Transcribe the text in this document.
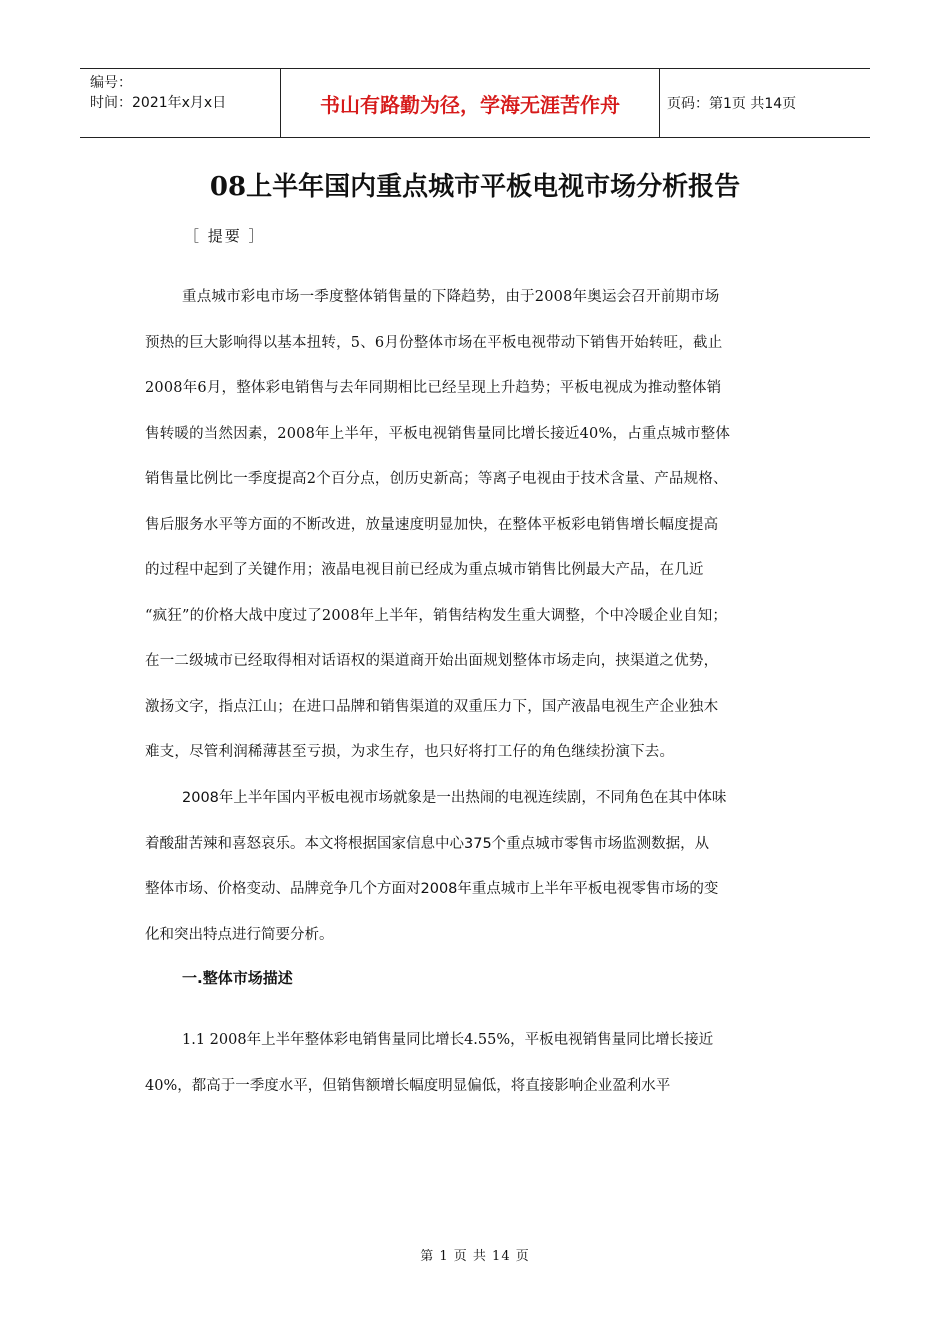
编号：
时间：2021年x月x日	书山有路勤为径，学海无涯苦作舟	页码：第1页 共14页
08上半年国内重点城市平板电视市场分析报告
［ 提要 ］
重点城市彩电市场一季度整体销售量的下降趋势，由于2008年奥运会召开前期市场
预热的巨大影响得以基本扭转，5、6月份整体市场在平板电视带动下销售开始转旺，截止
2008年6月，整体彩电销售与去年同期相比已经呈现上升趋势；平板电视成为推动整体销
售转暖的当然因素，2008年上半年，平板电视销售量同比增长接近40%，占重点城市整体
销售量比例比一季度提高2个百分点，创历史新高；等离子电视由于技术含量、产品规格、
售后服务水平等方面的不断改进，放量速度明显加快，在整体平板彩电销售增长幅度提高
的过程中起到了关键作用；液晶电视目前已经成为重点城市销售比例最大产品，在几近
“疯狂”的价格大战中度过了2008年上半年，销售结构发生重大调整，个中冷暖企业自知；
在一二级城市已经取得相对话语权的渠道商开始出面规划整体市场走向，挟渠道之优势，
激扬文字，指点江山；在进口品牌和销售渠道的双重压力下，国产液晶电视生产企业独木
难支，尽管利润稀薄甚至亏损，为求生存，也只好将打工仔的角色继续扮演下去。
2008年上半年国内平板电视市场就象是一出热闹的电视连续剧，不同角色在其中体味
着酸甜苦辣和喜怒哀乐。本文将根据国家信息中心375个重点城市零售市场监测数据，从
整体市场、价格变动、品牌竞争几个方面对2008年重点城市上半年平板电视零售市场的变
化和突出特点进行简要分析。
一.整体市场描述
1.1 2008年上半年整体彩电销售量同比增长4.55%，平板电视销售量同比增长接近
40%，都高于一季度水平，但销售额增长幅度明显偏低，将直接影响企业盈利水平
第 1 页 共 14 页
